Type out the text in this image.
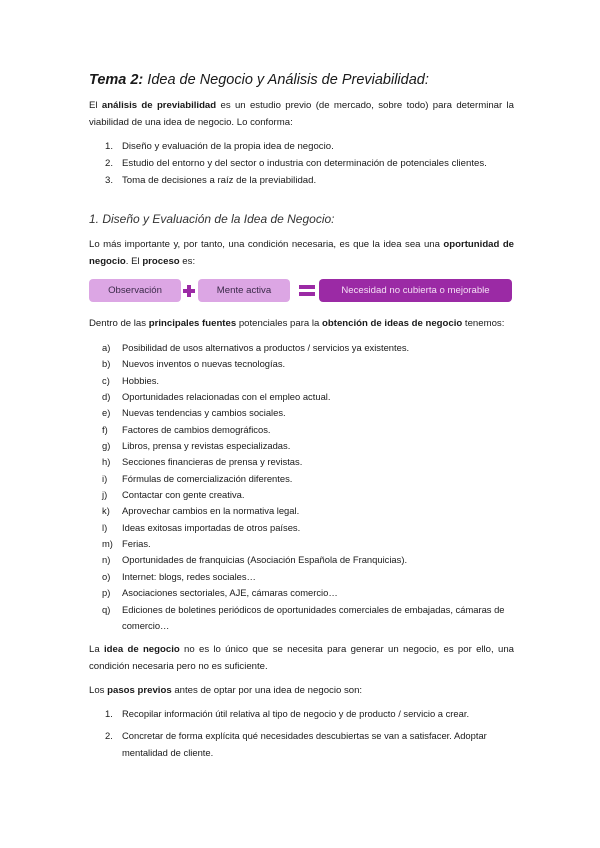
Tema 2: Idea de Negocio y Análisis de Previabilidad:
El análisis de previabilidad es un estudio previo (de mercado, sobre todo) para determinar la viabilidad de una idea de negocio. Lo conforma:
1. Diseño y evaluación de la propia idea de negocio.
2. Estudio del entorno y del sector o industria con determinación de potenciales clientes.
3. Toma de decisiones a raíz de la previabilidad.
1. Diseño y Evaluación de la Idea de Negocio:
Lo más importante y, por tanto, una condición necesaria, es que la idea sea una oportunidad de negocio. El proceso es:
Observación	Mente activa	Necesidad no cubierta o mejorable
Dentro de las principales fuentes potenciales para la obtención de ideas de negocio tenemos:
a) Posibilidad de usos alternativos a productos / servicios ya existentes.
b) Nuevos inventos o nuevas tecnologías.
c) Hobbies.
d) Oportunidades relacionadas con el empleo actual.
e) Nuevas tendencias y cambios sociales.
f) Factores de cambios demográficos.
g) Libros, prensa y revistas especializadas.
h) Secciones financieras de prensa y revistas.
i) Fórmulas de comercialización diferentes.
j) Contactar con gente creativa.
k) Aprovechar cambios en la normativa legal.
l) Ideas exitosas importadas de otros países.
m) Ferias.
n) Oportunidades de franquicias (Asociación Española de Franquicias).
o) Internet: blogs, redes sociales…
p) Asociaciones sectoriales, AJE, cámaras comercio…
q) Ediciones de boletines periódicos de oportunidades comerciales de embajadas, cámaras de comercio…
La idea de negocio no es lo único que se necesita para generar un negocio, es por ello, una condición necesaria pero no es suficiente.
Los pasos previos antes de optar por una idea de negocio son:
1. Recopilar información útil relativa al tipo de negocio y de producto / servicio a crear.
2. Concretar de forma explícita qué necesidades descubiertas se van a satisfacer. Adoptar mentalidad de cliente.
